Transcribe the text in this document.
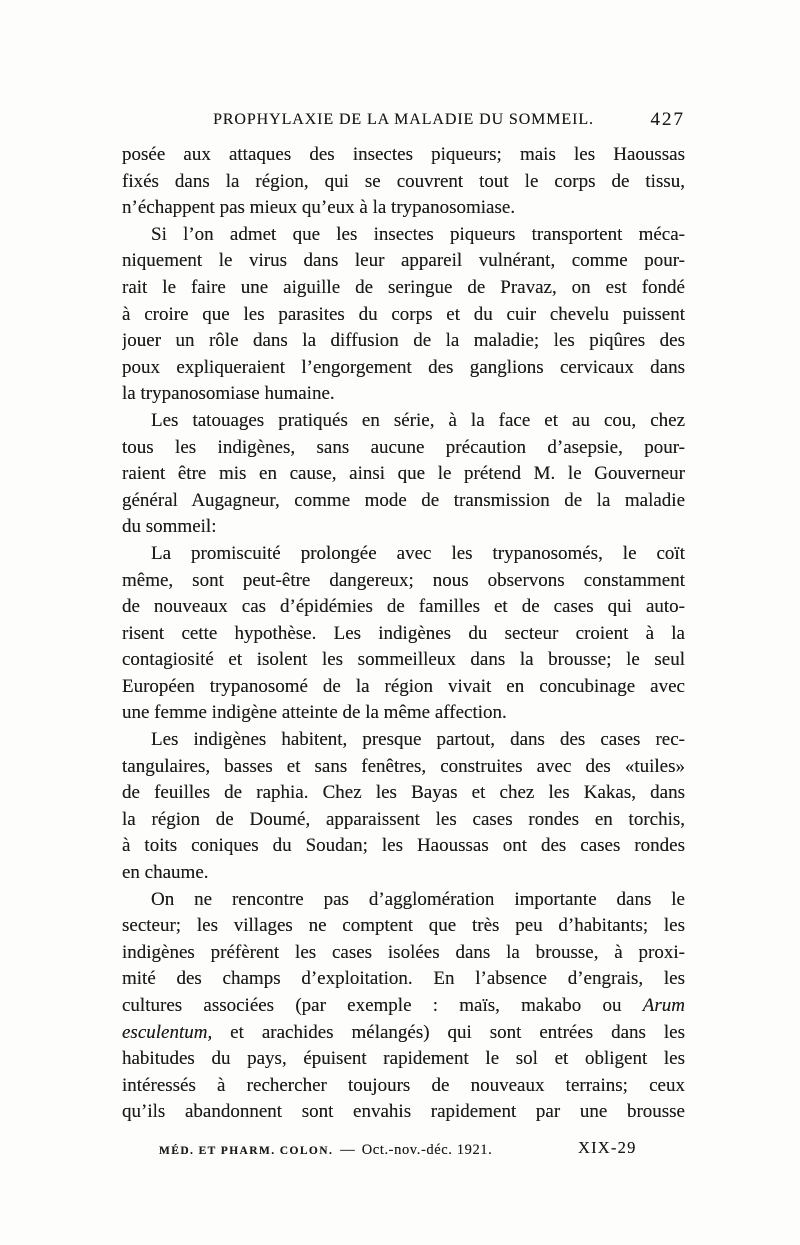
PROPHYLAXIE DE LA MALADIE DU SOMMEIL.	427
posée aux attaques des insectes piqueurs; mais les Haoussas
fixés dans la région, qui se couvrent tout le corps de tissu,
n’échappent pas mieux qu’eux à la trypanosomiase.
Si l’on admet que les insectes piqueurs transportent méca-
niquement le virus dans leur appareil vulnérant, comme pour-
rait le faire une aiguille de seringue de Pravaz, on est fondé
à croire que les parasites du corps et du cuir chevelu puissent
jouer un rôle dans la diffusion de la maladie; les piqûres des
poux expliqueraient l’engorgement des ganglions cervicaux dans
la trypanosomiase humaine.
Les tatouages pratiqués en série, à la face et au cou, chez
tous les indigènes, sans aucune précaution d’asepsie, pour-
raient être mis en cause, ainsi que le prétend M. le Gouverneur
général Augagneur, comme mode de transmission de la maladie
du sommeil:
La promiscuité prolongée avec les trypanosomés, le coït
même, sont peut-être dangereux; nous observons constamment
de nouveaux cas d’épidémies de familles et de cases qui auto-
risent cette hypothèse. Les indigènes du secteur croient à la
contagiosité et isolent les sommeilleux dans la brousse; le seul
Européen trypanosomé de la région vivait en concubinage avec
une femme indigène atteinte de la même affection.
Les indigènes habitent, presque partout, dans des cases rec-
tangulaires, basses et sans fenêtres, construites avec des «tuiles»
de feuilles de raphia. Chez les Bayas et chez les Kakas, dans
la région de Doumé, apparaissent les cases rondes en torchis,
à toits coniques du Soudan; les Haoussas ont des cases rondes
en chaume.
On ne rencontre pas d’agglomération importante dans le
secteur; les villages ne comptent que très peu d’habitants; les
indigènes préfèrent les cases isolées dans la brousse, à proxi-
mité des champs d’exploitation. En l’absence d’engrais, les
cultures associées (par exemple : maïs, makabo ou Arum
esculentum, et arachides mélangés) qui sont entrées dans les
habitudes du pays, épuisent rapidement le sol et obligent les
intéressés à rechercher toujours de nouveaux terrains; ceux
qu’ils abandonnent sont envahis rapidement par une brousse
MÉD. ET PHARM. COLON. — Oct.-nov.-déc. 1921.	XIX-29
